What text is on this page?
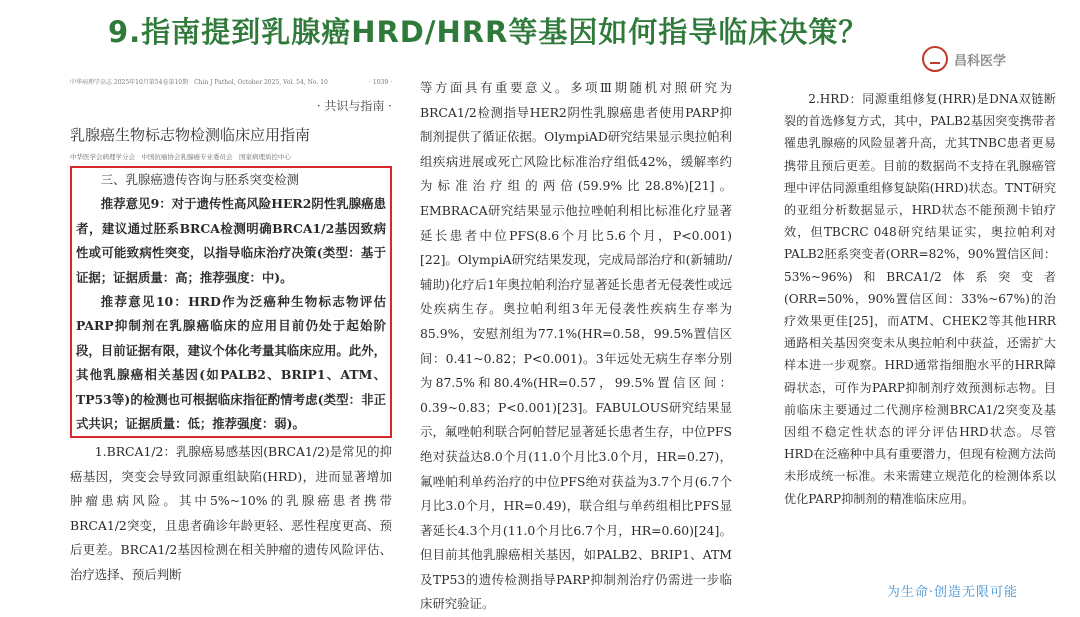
9.指南提到乳腺癌HRD/HRR等基因如何指导临床决策？
昌科医学
中华病理学杂志 2025年10月第54卷第10期　Chin J Pathol, October 2025, Vol. 54, No. 10	· 1039 ·
· 共识与指南 ·
乳腺癌生物标志物检测临床应用指南
中华医学会病理学分会　中国抗癌协会乳腺癌专业委员会　国家病理质控中心

三、乳腺癌遗传咨询与胚系突变检测

推荐意见9：对于遗传性高风险HER2阴性乳腺癌患者，建议通过胚系BRCA检测明确BRCA1/2基因致病性或可能致病性突变，以指导临床治疗决策(类型：基于证据；证据质量：高；推荐强度：中)。

推荐意见10：HRD作为泛癌种生物标志物评估PARP抑制剂在乳腺癌临床的应用目前仍处于起始阶段，目前证据有限，建议个体化考量其临床应用。此外，其他乳腺癌相关基因(如PALB2、BRIP1、ATM、TP53等)的检测也可根据临床指征酌情考虑(类型：非正式共识；证据质量：低；推荐强度：弱)。

1.BRCA1/2：乳腺癌易感基因(BRCA1/2)是常见的抑癌基因，突变会导致同源重组缺陷(HRD)，进而显著增加肿瘤患病风险。其中5%~10%的乳腺癌患者携带BRCA1/2突变，且患者确诊年龄更轻、恶性程度更高、预后更差。BRCA1/2基因检测在相关肿瘤的遗传风险评估、治疗选择、预后判断

等方面具有重要意义。多项Ⅲ期随机对照研究为BRCA1/2检测指导HER2阴性乳腺癌患者使用PARP抑制剂提供了循证依据。OlympiAD研究结果显示奥拉帕利组疾病进展或死亡风险比标准治疗组低42%，缓解率约为标准治疗组的两倍(59.9%比28.8%)[21]。EMBRACA研究结果显示他拉唑帕利相比标准化疗显著延长患者中位PFS(8.6个月比5.6个月，P<0.001)[22]。OlympiA研究结果发现，完成局部治疗和(新辅助/辅助)化疗后1年奥拉帕利治疗显著延长患者无侵袭性或远处疾病生存。奥拉帕利组3年无侵袭性疾病生存率为85.9%，安慰剂组为77.1%(HR=0.58，99.5%置信区间：0.41~0.82；P<0.001)。3年远处无病生存率分别为87.5%和80.4%(HR=0.57，99.5%置信区间：0.39~0.83；P<0.001)[23]。FABULOUS研究结果显示，氟唑帕利联合阿帕替尼显著延长患者生存，中位PFS绝对获益达8.0个月(11.0个月比3.0个月，HR=0.27)，氟唑帕利单药治疗的中位PFS绝对获益为3.7个月(6.7个月比3.0个月，HR=0.49)，联合组与单药组相比PFS显著延长4.3个月(11.0个月比6.7个月，HR=0.60)[24]。但目前其他乳腺癌相关基因，如PALB2、BRIP1、ATM及TP53的遗传检测指导PARP抑制剂治疗仍需进一步临床研究验证。

2.HRD：同源重组修复(HRR)是DNA双链断裂的首选修复方式，其中，PALB2基因突变携带者罹患乳腺癌的风险显著升高，尤其TNBC患者更易携带且预后更差。目前的数据尚不支持在乳腺癌管理中评估同源重组修复缺陷(HRD)状态。TNT研究的亚组分析数据显示，HRD状态不能预测卡铂疗效，但TBCRC 048研究结果证实，奥拉帕利对PALB2胚系突变者(ORR=82%，90%置信区间：53%~96%)和BRCA1/2体系突变者(ORR=50%，90%置信区间：33%~67%)的治疗效果更佳[25]，而ATM、CHEK2等其他HRR通路相关基因突变未从奥拉帕利中获益，还需扩大样本进一步观察。HRD通常指细胞水平的HRR障碍状态，可作为PARP抑制剂疗效预测标志物。目前临床主要通过二代测序检测BRCA1/2突变及基因组不稳定性状态的评分评估HRD状态。尽管HRD在泛癌种中具有重要潜力，但现有检测方法尚未形成统一标准。未来需建立规范化的检测体系以优化PARP抑制剂的精准临床应用。

为生命·创造无限可能
